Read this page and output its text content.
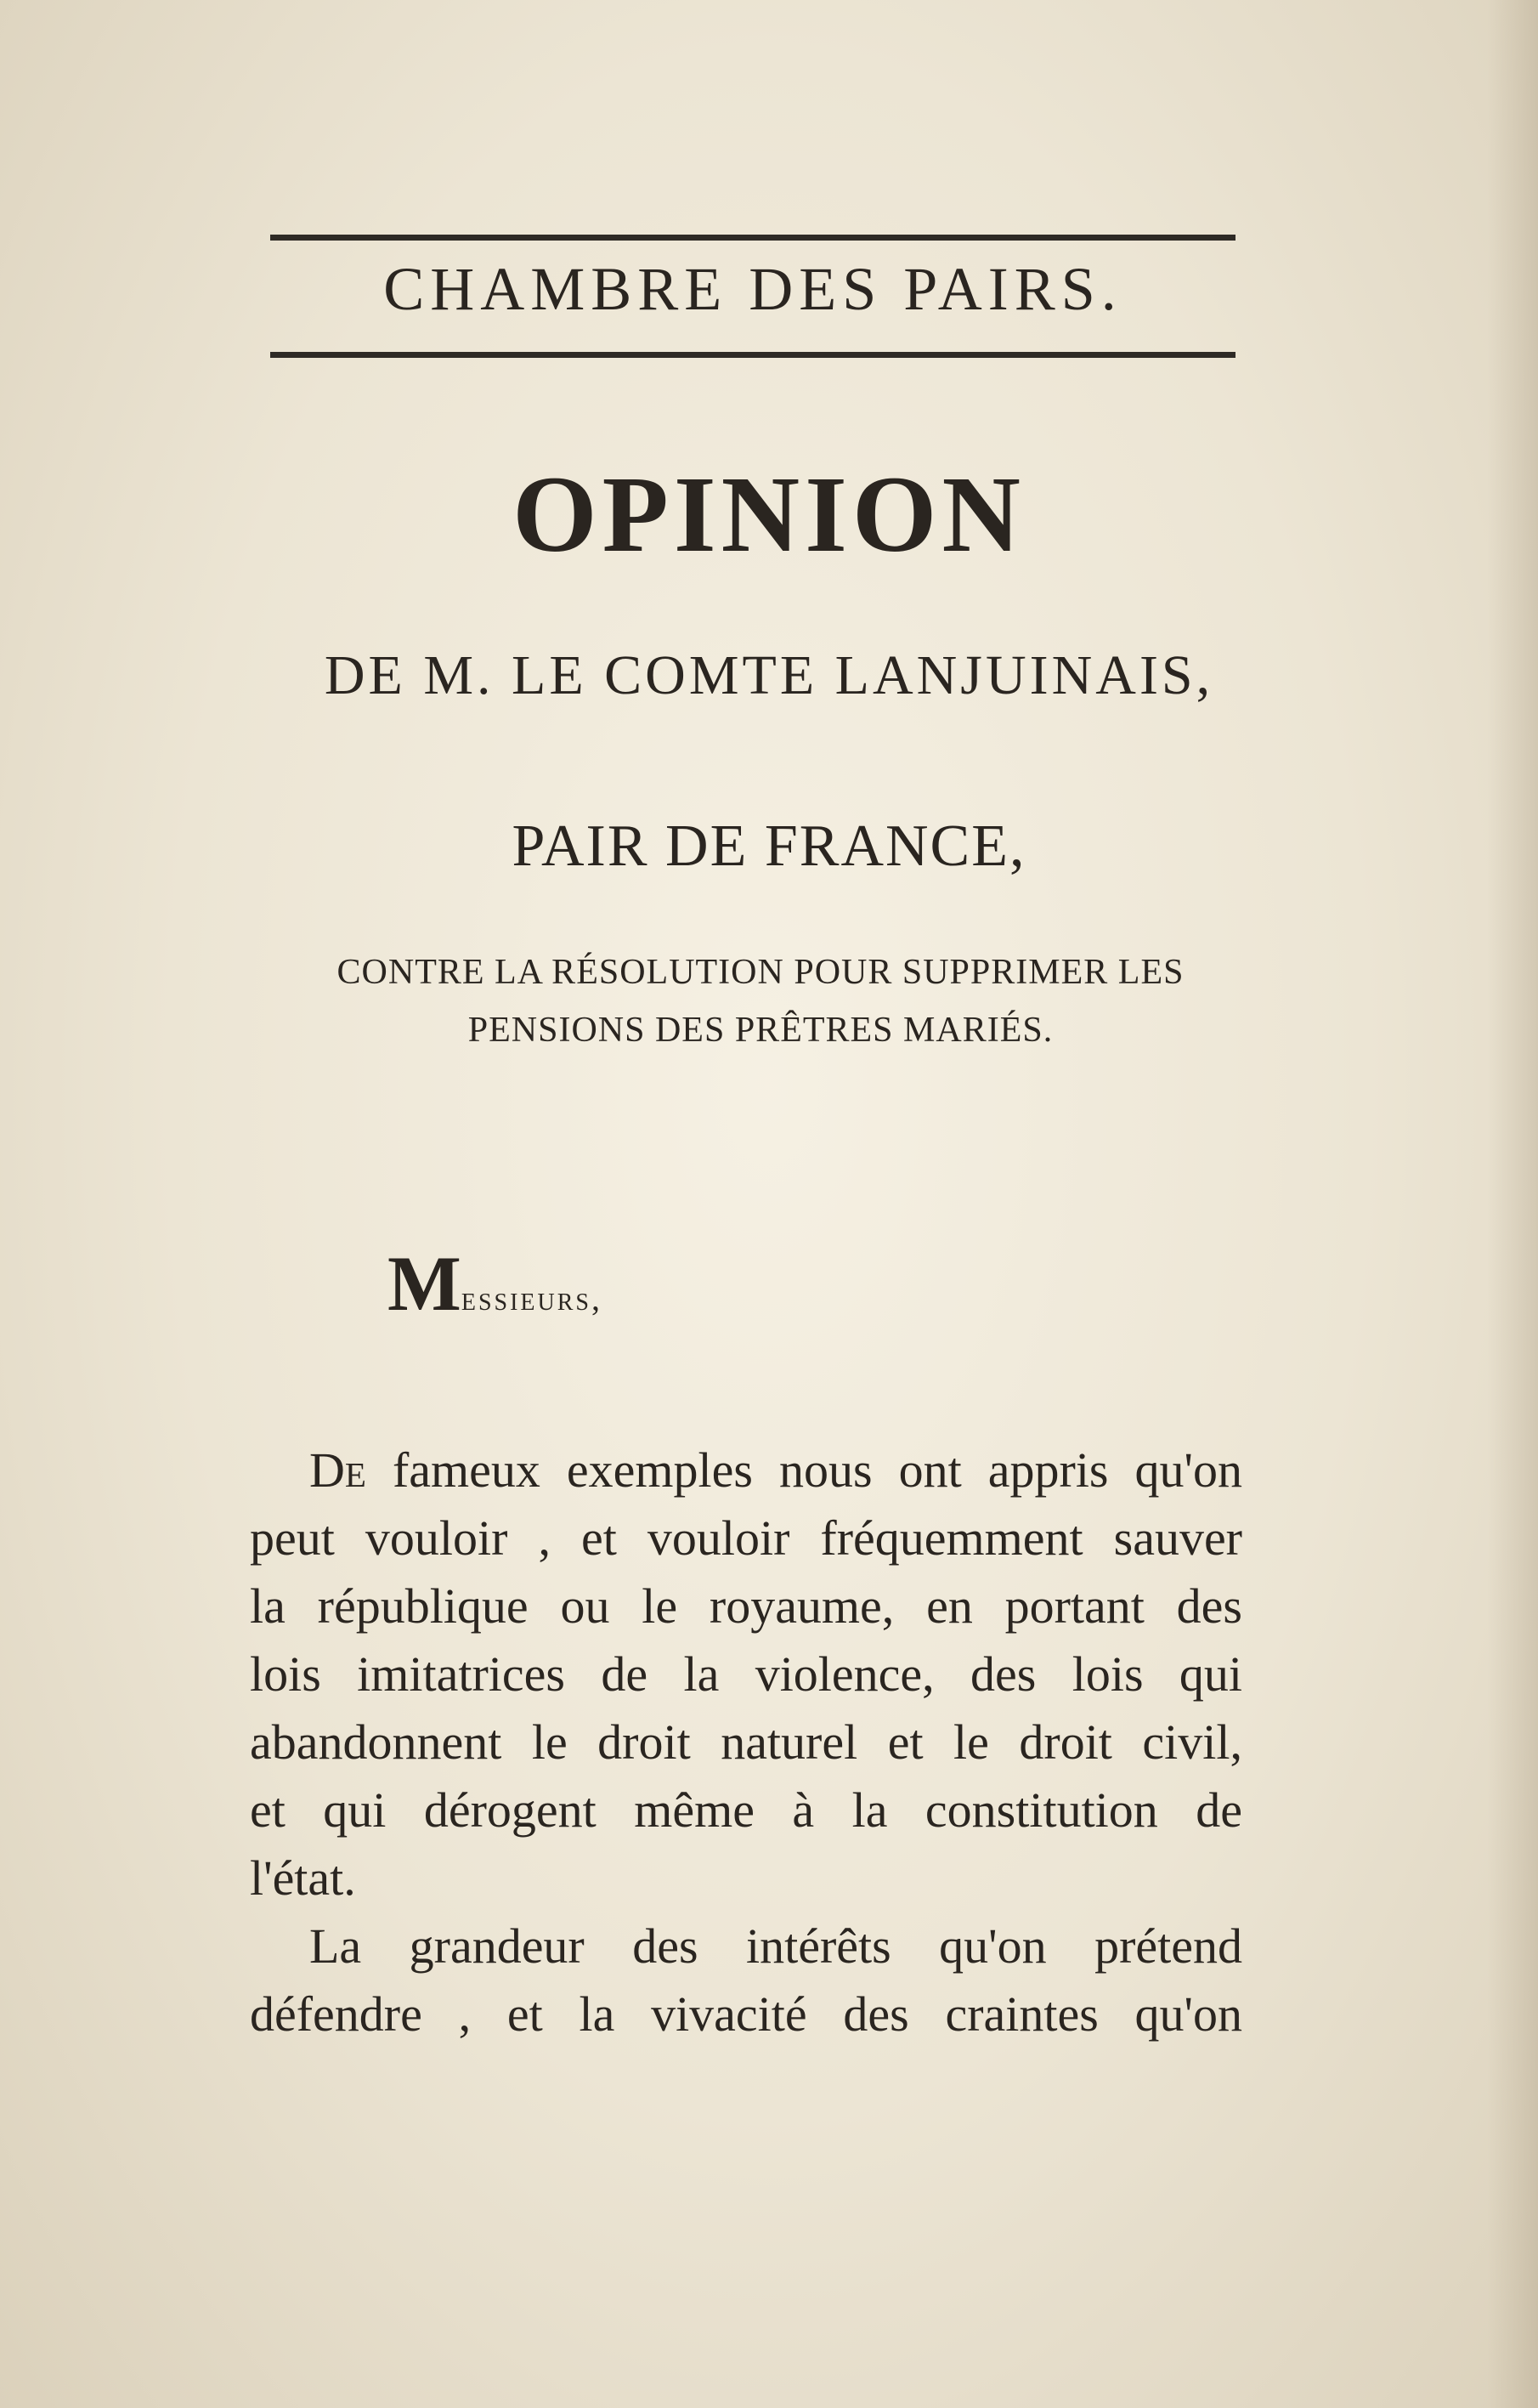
CHAMBRE DES PAIRS.
OPINION
DE M. LE COMTE LANJUINAIS,
PAIR DE FRANCE,
CONTRE LA RÉSOLUTION POUR SUPPRIMER LES
PENSIONS DES PRÊTRES MARIÉS.
Messieurs,
De fameux exemples nous ont appris qu'on
peut vouloir , et vouloir fréquemment sauver
la république ou le royaume, en portant des
lois imitatrices de la violence, des lois qui
abandonnent le droit naturel et le droit civil,
et qui dérogent même à la constitution de
l'état.
La grandeur des intérêts qu'on prétend
défendre , et la vivacité des craintes qu'on
